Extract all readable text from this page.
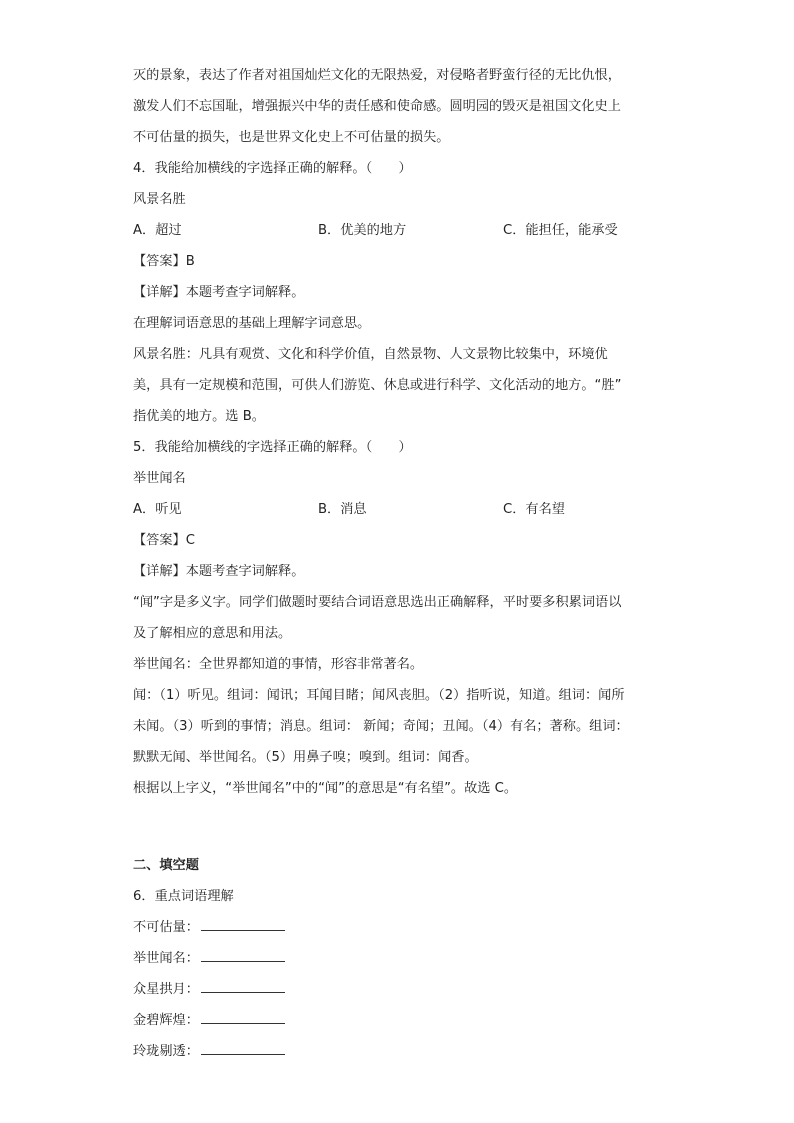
灭的景象，表达了作者对祖国灿烂文化的无限热爱，对侵略者野蛮行径的无比仇恨，
激发人们不忘国耻，增强振兴中华的责任感和使命感。圆明园的毁灭是祖国文化史上
不可估量的损失，也是世界文化史上不可估量的损失。
4．我能给加横线的字选择正确的解释。（　　）
风景名胜
A．超过	B．优美的地方	C．能担任，能承受
【答案】B
【详解】本题考查字词解释。
在理解词语意思的基础上理解字词意思。
风景名胜：凡具有观赏、文化和科学价值，自然景物、人文景物比较集中，环境优
美，具有一定规模和范围，可供人们游览、休息或进行科学、文化活动的地方。“胜”
指优美的地方。选 B。
5．我能给加横线的字选择正确的解释。（　　）
举世闻名
A．听见	B．消息	C．有名望
【答案】C
【详解】本题考查字词解释。
“闻”字是多义字。同学们做题时要结合词语意思选出正确解释，平时要多积累词语以
及了解相应的意思和用法。
举世闻名：全世界都知道的事情，形容非常著名。
闻：（1）听见。组词：闻讯；耳闻目睹；闻风丧胆。（2）指听说，知道。组词：闻所
未闻。（3）听到的事情；消息。组词： 新闻；奇闻；丑闻。（4）有名；著称。组词：
默默无闻、举世闻名。（5）用鼻子嗅；嗅到。组词：闻香。
根据以上字义，“举世闻名”中的“闻”的意思是“有名望”。故选 C。
二、填空题
6．重点词语理解
不可估量：
举世闻名：
众星拱月：
金碧辉煌：
玲珑剔透：
